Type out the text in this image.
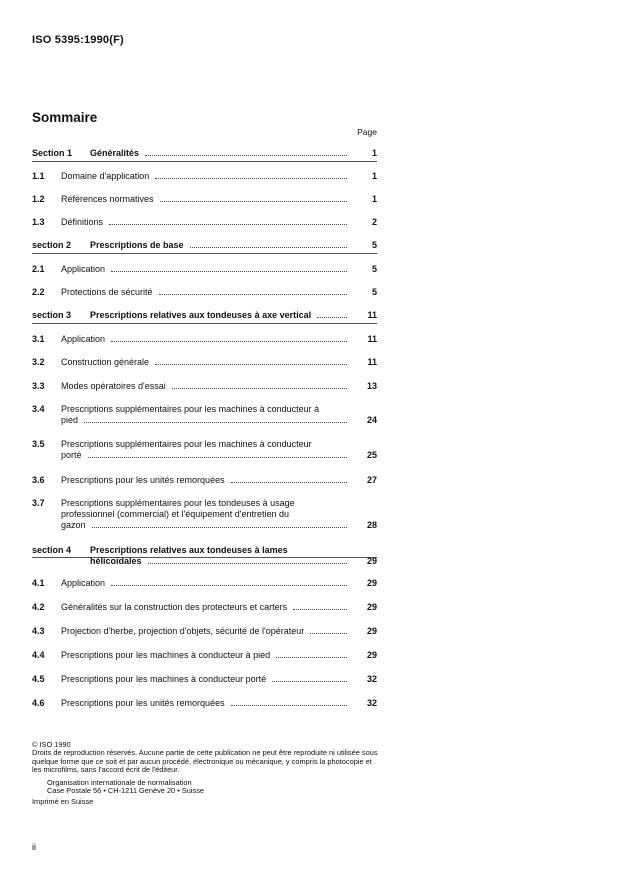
ISO 5395:1990(F)
Sommaire
Page
Section 1	Généralités	1
1.1	Domaine d'application	1
1.2	Références normatives	1
1.3	Définitions	2
section 2	Prescriptions de base	5
2.1	Application	5
2.2	Protections de sécurité	5
section 3	Prescriptions relatives aux tondeuses à axe vertical	11
3.1	Application	11
3.2	Construction générale	11
3.3	Modes opératoires d'essai	13
3.4	Prescriptions supplémentaires pour les machines à conducteur à
pied	24
3.5	Prescriptions supplémentaires pour les machines à conducteur
porté	25
3.6	Prescriptions pour les unités remorquées	27
3.7	Prescriptions supplémentaires pour les tondeuses à usage
professionnel (commercial) et l'équipement d'entretien du
gazon	28
section 4	Prescriptions relatives aux tondeuses à lames
hélicoïdales	29
4.1	Application	29
4.2	Généralités sur la construction des protecteurs et carters	29
4.3	Projection d'herbe, projection d'objets, sécurité de l'opérateur	29
4.4	Prescriptions pour les machines à conducteur à pied	29
4.5	Prescriptions pour les machines à conducteur porté	32
4.6	Prescriptions pour les unités remorquées	32
© ISO 1990
Droits de reproduction réservés. Aucune partie de cette publication ne peut être reproduite ni utilisée sous quelque forme que ce soit et par aucun procédé, électronique ou mécanique, y compris la photocopie et les microfilms, sans l'accord écrit de l'éditeur.
Organisation internationale de normalisation
Case Postale 56 • CH-1211 Genève 20 • Suisse
Imprimé en Suisse
ii
